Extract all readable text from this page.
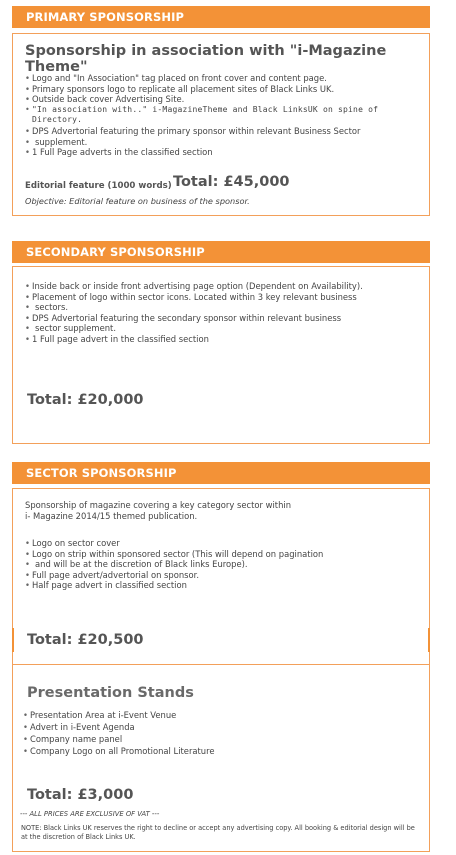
PRIMARY SPONSORSHIP
Sponsorship in association with "i-Magazine Theme"
• Logo and "In Association" tag placed on front cover and content page.
• Primary sponsors logo to replicate all placement sites of Black Links UK.
• Outside back cover Advertising Site.
• "In association with.." i-MagazineTheme and Black LinksUK on spine of Directory.
• DPS Advertorial featuring the primary sponsor within relevant Business Sector
• supplement.
• 1 Full Page adverts in the classified section
Editorial feature (1000 words) Total: £45,000
Objective: Editorial feature on business of the sponsor.
SECONDARY SPONSORSHIP
• Inside back or inside front advertising page option (Dependent on Availability).
• Placement of logo within sector icons. Located within 3 key relevant business
• sectors.
• DPS Advertorial featuring the secondary sponsor within relevant business
• sector supplement.
• 1 Full page advert in the classified section
Total: £20,000
SECTOR SPONSORSHIP
Sponsorship of magazine covering a key category sector within
i- Magazine 2014/15 themed publication.
• Logo on sector cover
• Logo on strip within sponsored sector (This will depend on pagination
• and will be at the discretion of Black links Europe).
• Full page advert/advertorial on sponsor.
• Half page advert in classified section
Total: £20,500
Presentation Stands
• Presentation Area at i-Event Venue
• Advert in i-Event Agenda
• Company name panel
• Company Logo on all Promotional Literature
Total: £3,000
--- ALL PRICES ARE EXCLUSIVE OF VAT ---
NOTE: Black Links UK reserves the right to decline or accept any advertising copy. All booking & editorial design will be
at the discretion of Black Links UK.
